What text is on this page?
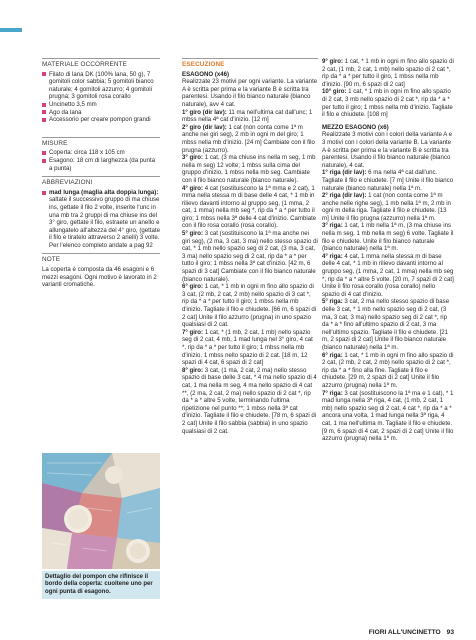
MATERIALE OCCORRENTE
Filato di lana DK (100% lana, 50 g), 7 gomitoli color sabbia; 5 gomitoli bianco naturale; 4 gomitoli azzurro; 4 gomitoli prugna; 3 gomitoli rosa corallo
Uncinetto 3,5 mm
Ago da lana
Accessorio per creare pompon grandi
MISURE
Coperta: circa 118 x 105 cm
Esagono: 18 cm di larghezza (da punta a punta)
ABBREVIAZIONI
mad lunga (maglia alta doppia lunga): saltate il successivo gruppo di ma chiuse ins, gettate il filo 2 volte, inserite l'unc in una mb tra 2 gruppi di ma chiuse ins del 3° giro, gettate il filo, estraete un anello e allungatelo all'altezza del 4° giro, (gettate il filo e tiratelo attraverso 2 anelli) 3 volte. Per l'elenco completo andate a pag 92
NOTE

La coperta è composta da 46 esagoni e 6 mezzi esagoni. Ogni motivo è lavorato in 2 varianti cromatiche.

Dettaglio del pompon che rifinisce il bordo della coperta: cuoitene uno per ogni punta di esagono.
ESECUZIONE
ESAGONO (x46)

Realizzate 23 motivi per ogni variante. La variante A è scritta per prima e la variante B è scritta tra parentesi. Usando il filo bianco naturale (bianco naturale), avv 4 cat.

1° giro (dir lav): 11 ma nell'ultima cat dall'unc; 1 mbss nella 4ª cat d'inizio. [12 m]

2° giro (dir lav): 1 cat (non conta come 1ª m anche nei giri seg), 2 mb in ogni m del giro; 1 mbss nella mb d'inizio. [24 m] Cambiate con il filo prugna (azzurro).

3° giro: 1 cat, (3 ma chiuse ins nella m seg, 1 mb nella m seg) 12 volte; 1 mbss sulla cima del gruppo d'inizio, 1 mbss nella mb seg. Cambiate con il filo bianco naturale (bianco naturale).

4° giro: 4 cat (sostituiscono la 1ª mma e 2 cat), 1 mma nella stessa m di base delle 4 cat, * 1 mb in rilievo davanti intorno al gruppo seg, (1 mma, 2 cat, 1 mma) nella mb seg *, rip da * a * per tutto il giro; 1 mbss nella 3ª delle 4 cat d'inizio. Cambiate con il filo rosa corallo (rosa corallo).

5° giro: 3 cat (sostituiscono la 1ª ma anche nei giri seg), (2 ma, 3 cat, 3 ma) nello stesso spazio di cat, * 1 mb nello spazio seg di 2 cat, (3 ma, 3 cat, 3 ma) nello spazio seg di 2 cat, rip da * a * per tutto il giro; 1 mbss nella 3ª cat d'inizio. [42 m, 6 spazi di 3 cat] Cambiate con il filo bianco naturale (bianco naturale).

6° giro: 1 cat, * 1 mb in ogni m fino allo spazio di 3 cat, (2 mb, 2 cat, 2 mb) nello spazio di 3 cat *, rip da * a * per tutto il giro; 1 mbss nella mb d'inizio. Tagliate il filo e chiudete. [66 m, 6 spazi di 2 cat] Unite il filo azzurro (prugna) in uno spazio qualsiasi di 2 cat.

7° giro: 1 cat, * (1 mb, 2 cat, 1 mb) nello spazio seg di 2 cat, 4 mb, 1 mad lunga nel 3° giro, 4 cat *, rip da * a * per tutto il giro; 1 mbss nella mb d'inizio. 1 mbss nello spazio di 2 cat. [18 m, 12 spazi di 4 cat, 6 spazi di 2 cat]

8° giro: 3 cat, (1 ma, 2 cat, 2 ma) nello stesso spazio di base delle 3 cat, * 4 ma nello spazio di 4 cat, 1 ma nella m seg, 4 ma nello spazio di 4 cat **, (2 ma, 2 cat, 2 ma) nello spazio di 2 cat *, rip da * a * altre 5 volte, terminando l'ultima ripetizione nel punto **; 1 mbss nella 3ª cat d'inizio. Tagliate il filo e chiudete. [78 m, 6 spazi di 2 cat] Unite il filo sabbia (sabbia) in uno spazio qualsiasi di 2 cat.

9° giro: 1 cat, * 1 mb in ogni m fino allo spazio di 2 cat, (1 mb, 2 cat, 1 mb) nello spazio di 2 cat *, rip da * a * per tutto il giro, 1 mbss nella mb d'inizio. [90 m, 6 spazi di 2 cat]

10° giro: 1 cat, * 1 mb in ogni m fino allo spazio di 2 cat, 3 mb nello spazio di 2 cat *, rip da * a * per tutto il giro; 1 mbss nella mb d'inizio. Tagliate il filo e chiudete. [108 m]

MEZZO ESAGONO (x6)

Realizzate 3 motivi con i colori della variante A e 3 motivi con i colori della variante B. La variante A è scritta per prima e la variante B è scritta tra parentesi. Usando il filo bianco naturale (bianco naturale), 4 cat.

1° riga (dir lav): 6 ma nella 4ª cat dall'unc. Tagliate il filo e chiudete. [7 m] Unite il filo bianco naturale (bianco naturale) nella 1ª m.

2° riga (dir lav): 1 cat (non conta come 1ª m anche nelle righe seg), 1 mb nella 1ª m, 2 mb in ogni m della riga. Tagliate il filo e chiudete. [13 m] Unite il filo prugna (azzurro) nella 1ª m.

3° riga: 1 cat, 1 mb nella 1ª m, (3 ma chiuse ins nella m seg, 1 mb nella m seg) 6 volte. Tagliate il filo e chiudete. Unite il filo bianco naturale (bianco naturale) nella 1ª m.

4° riga: 4 cat, 1 mma nella stessa m di base delle 4 cat, * 1 mb in rilievo davanti intorno al gruppo seg, (1 mma, 2 cat, 1 mma) nella mb seg *, rip da * a * altre 5 volte. [20 m, 7 spazi di 2 cat] Unite il filo rosa corallo (rosa corallo) nello spazio di 4 cat d'inizio.

5° riga: 3 cat, 2 ma nello stesso spazio di base delle 3 cat, * 1 mb nello spazio seg di 2 cat, (3 ma, 3 cat, 3 ma) nello spazio seg di 2 cat *, rip da * a * fino all'ultimo spazio di 2 cat, 3 ma nell'ultimo spazio. Tagliate il filo e chiudete. [21 m, 2 spazi di 2 cat] Unite il filo bianco naturale (bianco naturale) nella 1ª m.

6° riga: 1 cat, * 1 mb in ogni m fino allo spazio di 2 cat, (2 mb, 2 cat, 2 mb) nello spazio di 2 cat *, rip da * a * fino alla fine. Tagliate il filo e chiudete. [29 m, 2 spazi di 2 cat] Unite il filo azzurro (prugna) nella 1ª m.

7° riga: 3 cat (sostituiscono la 1ª ma e 1 cat), * 1 mad lunga nella 3ª riga, 4 cat, (1 mb, 2 cat, 1 mb) nello spazio seg di 2 cat, 4 cat *, rip da * a * ancora una volta, 1 mad lunga nella 3ª riga, 4 cat, 1 ma nell'ultima m. Tagliate il filo e chiudete. [9 m, 6 spazi di 4 cat, 2 spazi di 2 cat] Unite il filo azzurro (prugna) nella 1ª m.

FIORI ALL'UNCINETTO 93
